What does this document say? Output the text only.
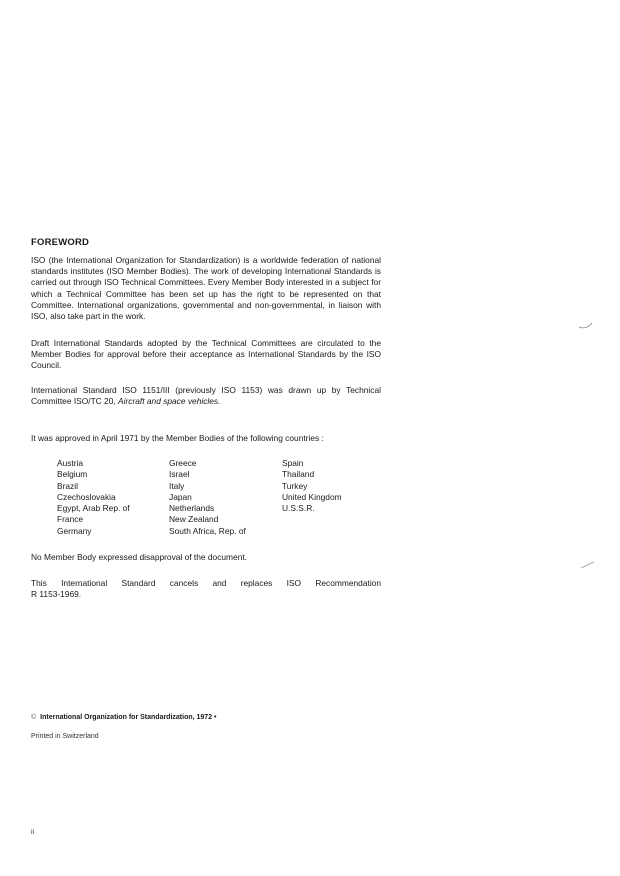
FOREWORD
ISO (the International Organization for Standardization) is a worldwide federation of national standards institutes (ISO Member Bodies). The work of developing International Standards is carried out through ISO Technical Committees. Every Member Body interested in a subject for which a Technical Committee has been set up has the right to be represented on that Committee. International organizations, governmental and non-governmental, in liaison with ISO, also take part in the work.
Draft International Standards adopted by the Technical Committees are circulated to the Member Bodies for approval before their acceptance as International Standards by the ISO Council.
International Standard ISO 1151/III (previously ISO 1153) was drawn up by Technical Committee ISO/TC 20, Aircraft and space vehicles.
It was approved in April 1971 by the Member Bodies of the following countries :
Austria
Belgium
Brazil
Czechoslovakia
Egypt, Arab Rep. of
France
Germany
Greece
Israel
Italy
Japan
Netherlands
New Zealand
South Africa, Rep. of
Spain
Thailand
Turkey
United Kingdom
U.S.S.R.
No Member Body expressed disapproval of the document.
This International Standard cancels and replaces ISO Recommendation
R 1153-1969.
© International Organization for Standardization, 1972 •
Printed in Switzerland
ii
